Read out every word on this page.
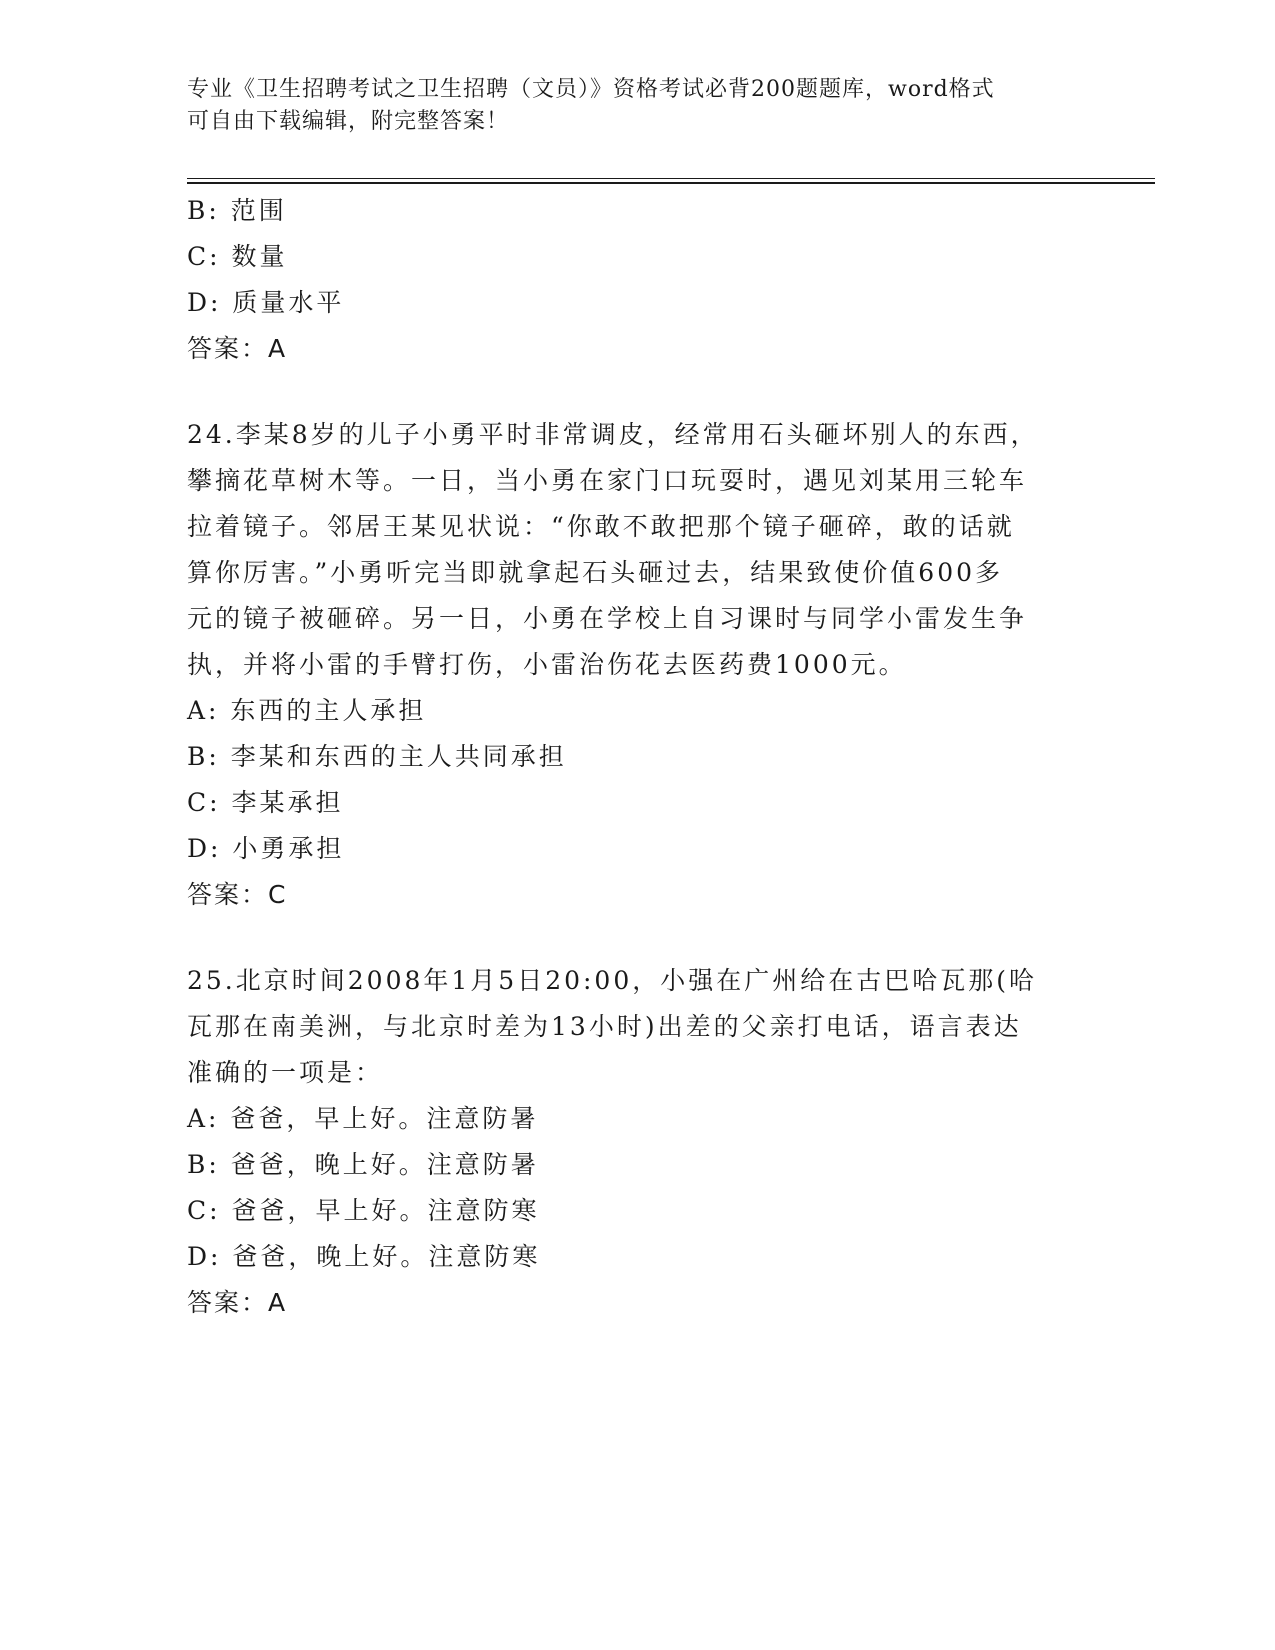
专业《卫生招聘考试之卫生招聘（文员）》资格考试必背200题题库，word格式
可自由下载编辑，附完整答案！
B: 范围
C: 数量
D: 质量水平
答案：A
24.李某8岁的儿子小勇平时非常调皮，经常用石头砸坏别人的东西，
攀摘花草树木等。一日，当小勇在家门口玩耍时，遇见刘某用三轮车
拉着镜子。邻居王某见状说：“你敢不敢把那个镜子砸碎，敢的话就
算你厉害。”小勇听完当即就拿起石头砸过去，结果致使价值600多
元的镜子被砸碎。另一日，小勇在学校上自习课时与同学小雷发生争
执，并将小雷的手臂打伤，小雷治伤花去医药费1000元。
A: 东西的主人承担
B: 李某和东西的主人共同承担
C: 李某承担
D: 小勇承担
答案：C
25.北京时间2008年1月5日20:00，小强在广州给在古巴哈瓦那(哈
瓦那在南美洲，与北京时差为13小时)出差的父亲打电话，语言表达
准确的一项是：
A: 爸爸，早上好。注意防暑
B: 爸爸，晚上好。注意防暑
C: 爸爸，早上好。注意防寒
D: 爸爸，晚上好。注意防寒
答案：A
